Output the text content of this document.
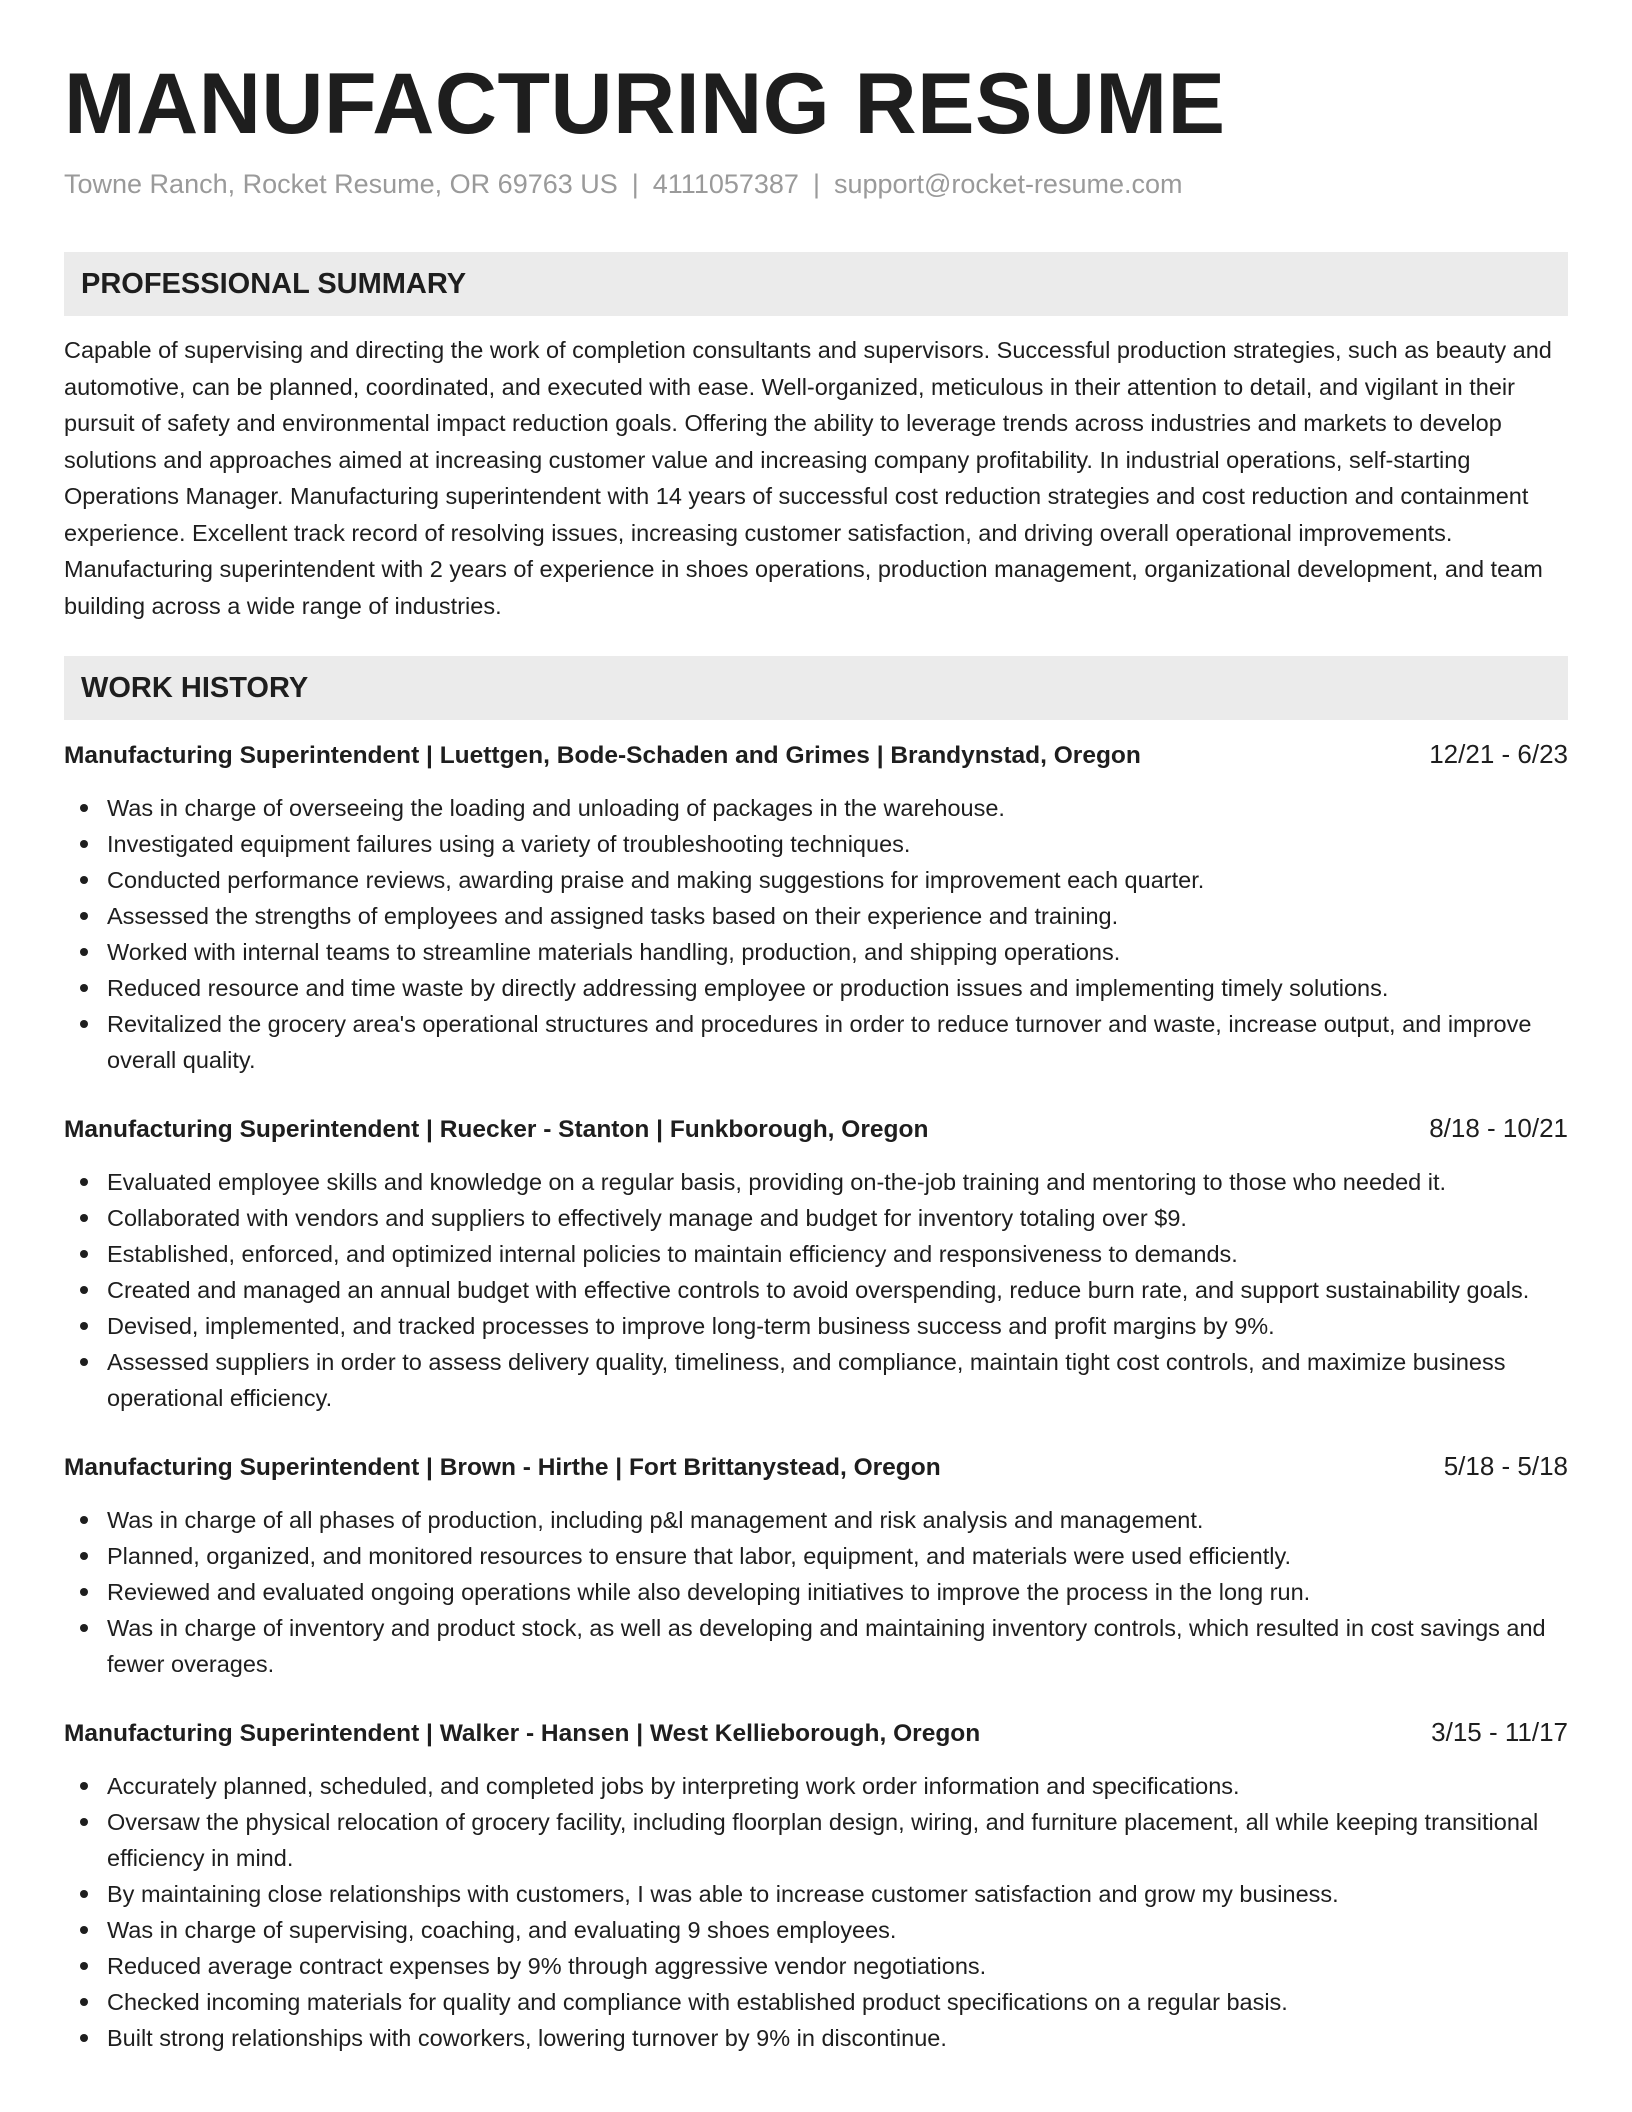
MANUFACTURING RESUME
Towne Ranch, Rocket Resume, OR 69763 US | 4111057387 | support@rocket-resume.com
PROFESSIONAL SUMMARY
Capable of supervising and directing the work of completion consultants and supervisors. Successful production strategies, such as beauty and automotive, can be planned, coordinated, and executed with ease. Well-organized, meticulous in their attention to detail, and vigilant in their pursuit of safety and environmental impact reduction goals. Offering the ability to leverage trends across industries and markets to develop solutions and approaches aimed at increasing customer value and increasing company profitability. In industrial operations, self-starting Operations Manager. Manufacturing superintendent with 14 years of successful cost reduction strategies and cost reduction and containment experience. Excellent track record of resolving issues, increasing customer satisfaction, and driving overall operational improvements. Manufacturing superintendent with 2 years of experience in shoes operations, production management, organizational development, and team building across a wide range of industries.
WORK HISTORY
Manufacturing Superintendent | Luettgen, Bode-Schaden and Grimes | Brandynstad, Oregon	12/21 - 6/23
Was in charge of overseeing the loading and unloading of packages in the warehouse.
Investigated equipment failures using a variety of troubleshooting techniques.
Conducted performance reviews, awarding praise and making suggestions for improvement each quarter.
Assessed the strengths of employees and assigned tasks based on their experience and training.
Worked with internal teams to streamline materials handling, production, and shipping operations.
Reduced resource and time waste by directly addressing employee or production issues and implementing timely solutions.
Revitalized the grocery area's operational structures and procedures in order to reduce turnover and waste, increase output, and improve overall quality.
Manufacturing Superintendent | Ruecker - Stanton | Funkborough, Oregon	8/18 - 10/21
Evaluated employee skills and knowledge on a regular basis, providing on-the-job training and mentoring to those who needed it.
Collaborated with vendors and suppliers to effectively manage and budget for inventory totaling over $9.
Established, enforced, and optimized internal policies to maintain efficiency and responsiveness to demands.
Created and managed an annual budget with effective controls to avoid overspending, reduce burn rate, and support sustainability goals.
Devised, implemented, and tracked processes to improve long-term business success and profit margins by 9%.
Assessed suppliers in order to assess delivery quality, timeliness, and compliance, maintain tight cost controls, and maximize business operational efficiency.
Manufacturing Superintendent | Brown - Hirthe | Fort Brittanystead, Oregon	5/18 - 5/18
Was in charge of all phases of production, including p&l management and risk analysis and management.
Planned, organized, and monitored resources to ensure that labor, equipment, and materials were used efficiently.
Reviewed and evaluated ongoing operations while also developing initiatives to improve the process in the long run.
Was in charge of inventory and product stock, as well as developing and maintaining inventory controls, which resulted in cost savings and fewer overages.
Manufacturing Superintendent | Walker - Hansen | West Kellieborough, Oregon	3/15 - 11/17
Accurately planned, scheduled, and completed jobs by interpreting work order information and specifications.
Oversaw the physical relocation of grocery facility, including floorplan design, wiring, and furniture placement, all while keeping transitional efficiency in mind.
By maintaining close relationships with customers, I was able to increase customer satisfaction and grow my business.
Was in charge of supervising, coaching, and evaluating 9 shoes employees.
Reduced average contract expenses by 9% through aggressive vendor negotiations.
Checked incoming materials for quality and compliance with established product specifications on a regular basis.
Built strong relationships with coworkers, lowering turnover by 9% in discontinue.
